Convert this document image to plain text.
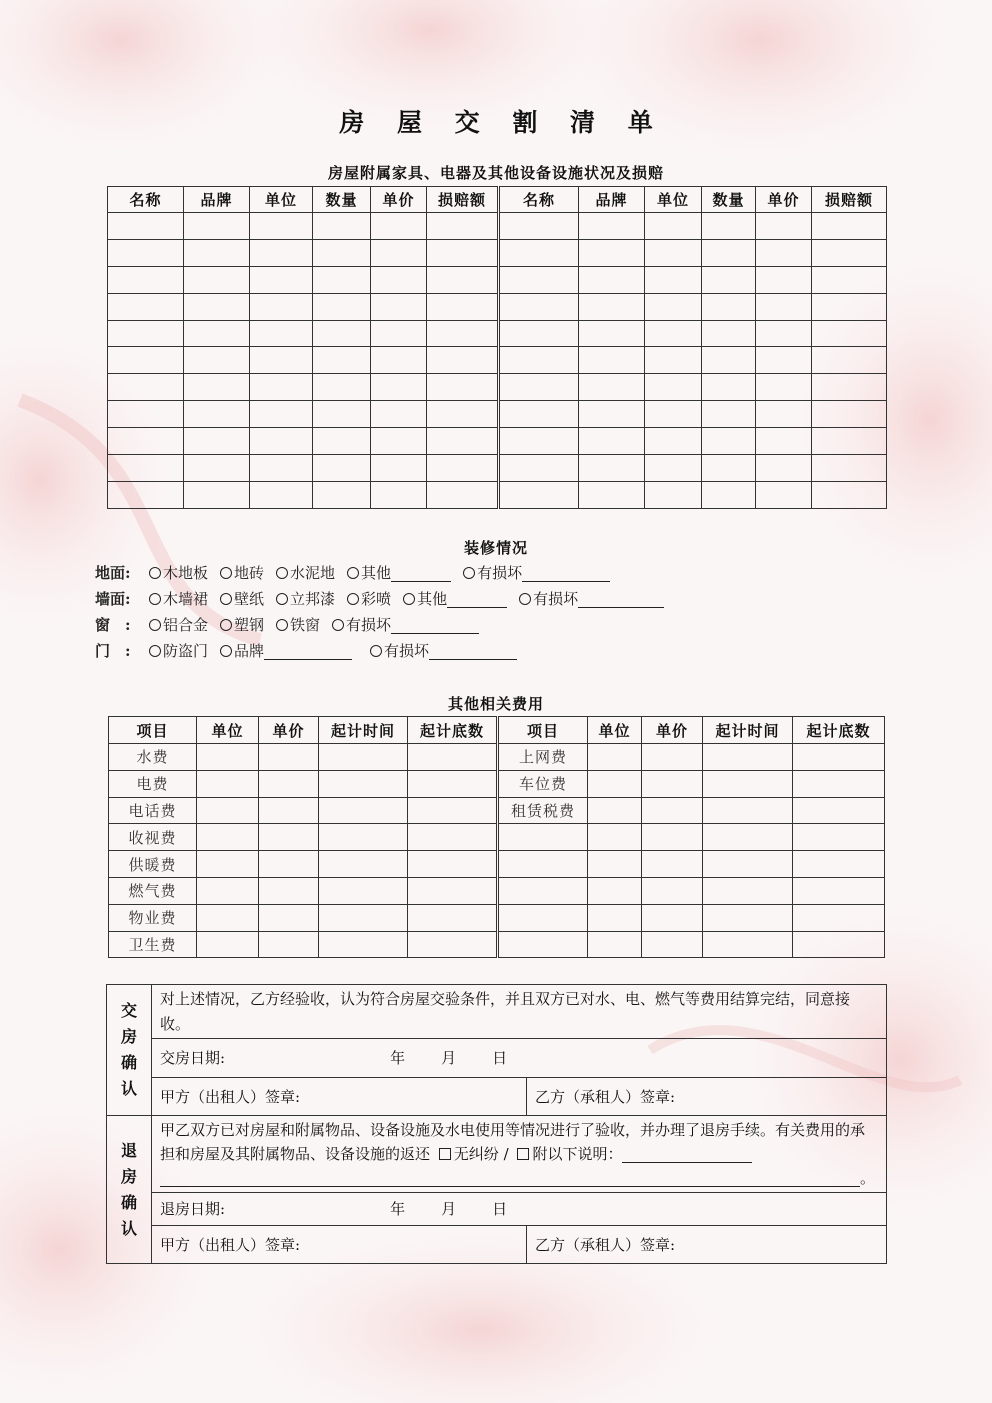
房 屋 交 割 清 单
房屋附属家具、电器及其他设备设施状况及损赔
名称	品牌	单位	数量	单价	损赔额	名称	品牌	单位	数量	单价	损赔额

装修情况
地面: 木地板 地砖 水泥地 其他	有损坏
墙面: 木墙裙 壁纸 立邦漆 彩喷 其他	有损坏
窗　: 铝合金 塑钢 铁窗 有损坏
门　: 防盗门 品牌	有损坏
其他相关费用
项目	单位	单价	起计时间	起计底数	项目	单位	单价	起计时间	起计底数
水费					上网费				
电费					车位费				
电话费					租赁税费				
收视费									
供暖费									
燃气费									
物业费									
卫生费									
交
房
确
认	对上述情况，乙方经验收，认为符合房屋交验条件，并且双方已对水、电、燃气等费用结算完结，同意接收。	
	交房日期: 年 月 日	
	甲方（出租人）签章:	乙方（承租人）签章:

退
房
确
认	甲乙双方已对房屋和附属物品、设备设施及水电使用等情况进行了验收，并办理了退房手续。有关费用的承担和房屋及其附属物品、设备设施的返还 无纠纷 / 附以下说明：
。	
	退房日期: 年 月 日	
	甲方（出租人）签章:	乙方（承租人）签章:
